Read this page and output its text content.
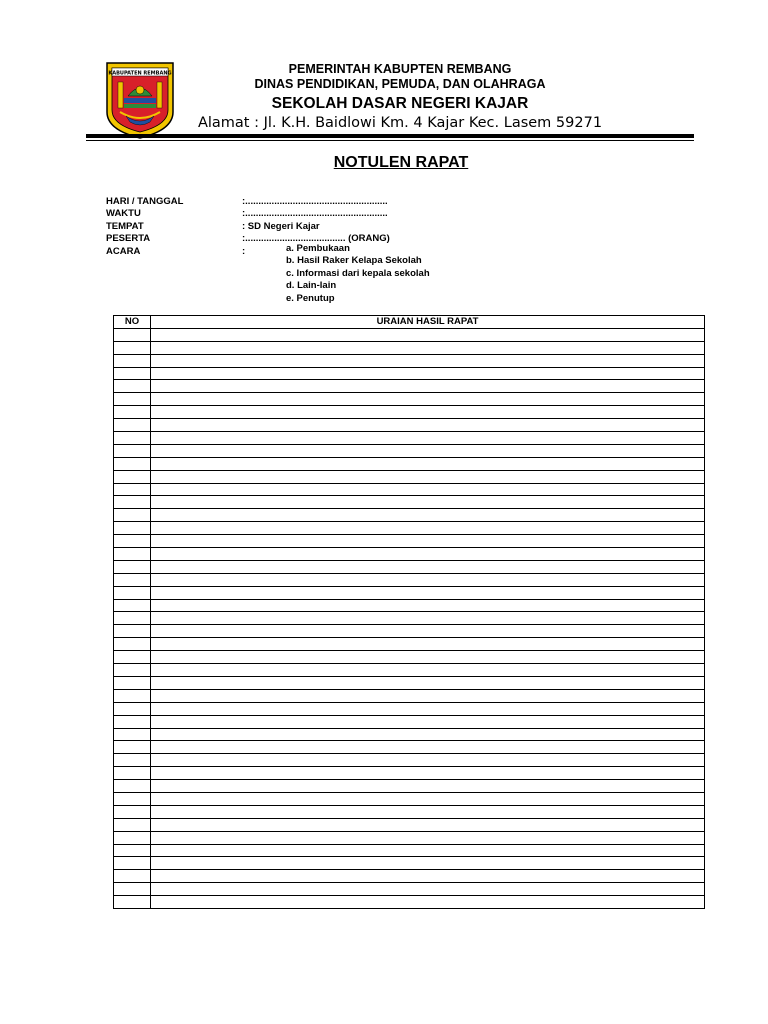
KABUPATEN REMBANG	PEMERINTAH KABUPTEN REMBANG
DINAS PENDIDIKAN, PEMUDA, DAN OLAHRAGA
SEKOLAH DASAR NEGERI KAJAR
Alamat : Jl. K.H. Baidlowi Km. 4 Kajar Kec. Lasem 59271
NOTULEN RAPAT
HARI / TANGGAL	:......................................................
WAKTU	:......................................................
TEMPAT	: SD Negeri Kajar
PESERTA	:...................................... (ORANG)
ACARA	:	a. Pembukaan
b. Hasil Raker Kelapa Sekolah
c. Informasi dari kepala sekolah
d. Lain-lain
e. Penutup
NO	URAIAN HASIL RAPAT
